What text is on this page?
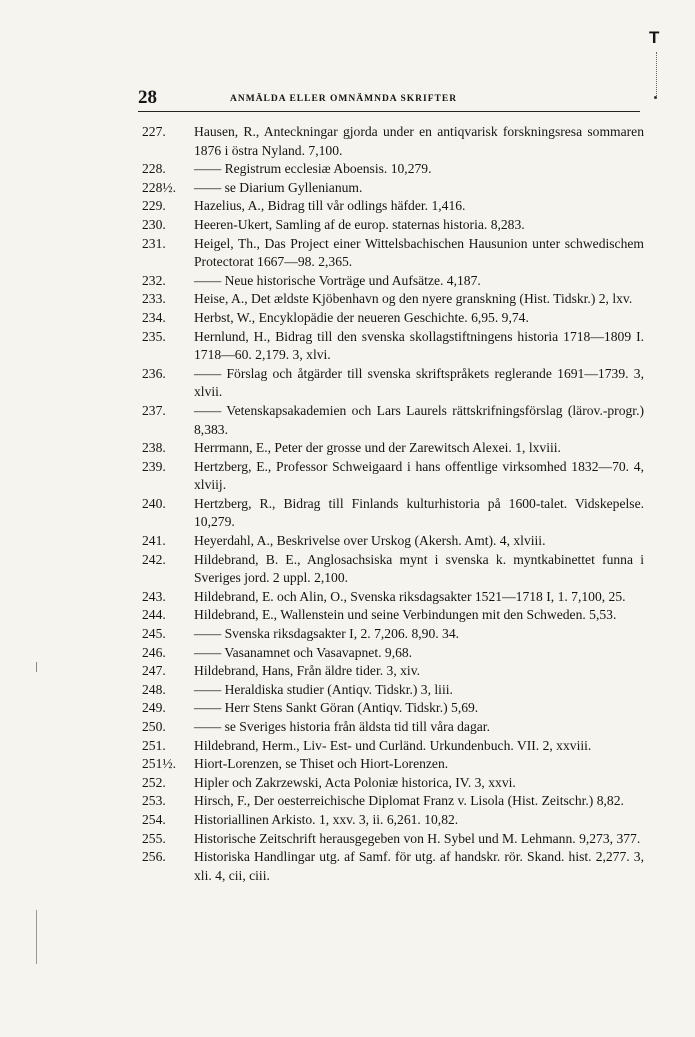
T
28	ANMÄLDA ELLER OMNÄMNDA SKRIFTER
227.	Hausen, R., Anteckningar gjorda under en antiqvarisk forskningsresa sommaren 1876 i östra Nyland. 7,100.
228.	—— Registrum ecclesiæ Aboensis. 10,279.
228½.	—— se Diarium Gyllenianum.
229.	Hazelius, A., Bidrag till vår odlings häfder. 1,416.
230.	Heeren-Ukert, Samling af de europ. staternas historia. 8,283.
231.	Heigel, Th., Das Project einer Wittelsbachischen Hausunion unter schwedischem Protectorat 1667—98. 2,365.
232.	—— Neue historische Vorträge und Aufsätze. 4,187.
233.	Heise, A., Det ældste Kjöbenhavn og den nyere granskning (Hist. Tidskr.) 2, lxv.
234.	Herbst, W., Encyklopädie der neueren Geschichte. 6,95. 9,74.
235.	Hernlund, H., Bidrag till den svenska skollagstiftningens historia 1718—1809 I. 1718—60. 2,179. 3, xlvi.
236.	—— Förslag och åtgärder till svenska skriftspråkets reglerande 1691—1739. 3, xlvii.
237.	—— Vetenskapsakademien och Lars Laurels rättskrifningsförslag (lärov.-progr.) 8,383.
238.	Herrmann, E., Peter der grosse und der Zarewitsch Alexei. 1, lxviii.
239.	Hertzberg, E., Professor Schweigaard i hans offentlige virksomhed 1832—70. 4, xlviij.
240.	Hertzberg, R., Bidrag till Finlands kulturhistoria på 1600-talet. Vidskepelse. 10,279.
241.	Heyerdahl, A., Beskrivelse over Urskog (Akersh. Amt). 4, xlviii.
242.	Hildebrand, B. E., Anglosachsiska mynt i svenska k. myntkabinettet funna i Sveriges jord. 2 uppl. 2,100.
243.	Hildebrand, E. och Alin, O., Svenska riksdagsakter 1521—1718 I, 1. 7,100, 25.
244.	Hildebrand, E., Wallenstein und seine Verbindungen mit den Schweden. 5,53.
245.	—— Svenska riksdagsakter I, 2. 7,206. 8,90. 34.
246.	—— Vasanamnet och Vasavapnet. 9,68.
247.	Hildebrand, Hans, Från äldre tider. 3, xiv.
248.	—— Heraldiska studier (Antiqv. Tidskr.) 3, liii.
249.	—— Herr Stens Sankt Göran (Antiqv. Tidskr.) 5,69.
250.	—— se Sveriges historia från äldsta tid till våra dagar.
251.	Hildebrand, Herm., Liv- Est- und Curländ. Urkundenbuch. VII. 2, xxviii.
251½.	Hiort-Lorenzen, se Thiset och Hiort-Lorenzen.
252.	Hipler och Zakrzewski, Acta Poloniæ historica, IV. 3, xxvi.
253.	Hirsch, F., Der oesterreichische Diplomat Franz v. Lisola (Hist. Zeitschr.) 8,82.
254.	Historiallinen Arkisto. 1, xxv. 3, ii. 6,261. 10,82.
255.	Historische Zeitschrift herausgegeben von H. Sybel und M. Lehmann. 9,273, 377.
256.	Historiska Handlingar utg. af Samf. för utg. af handskr. rör. Skand. hist. 2,277. 3, xli. 4, cii, ciii.
